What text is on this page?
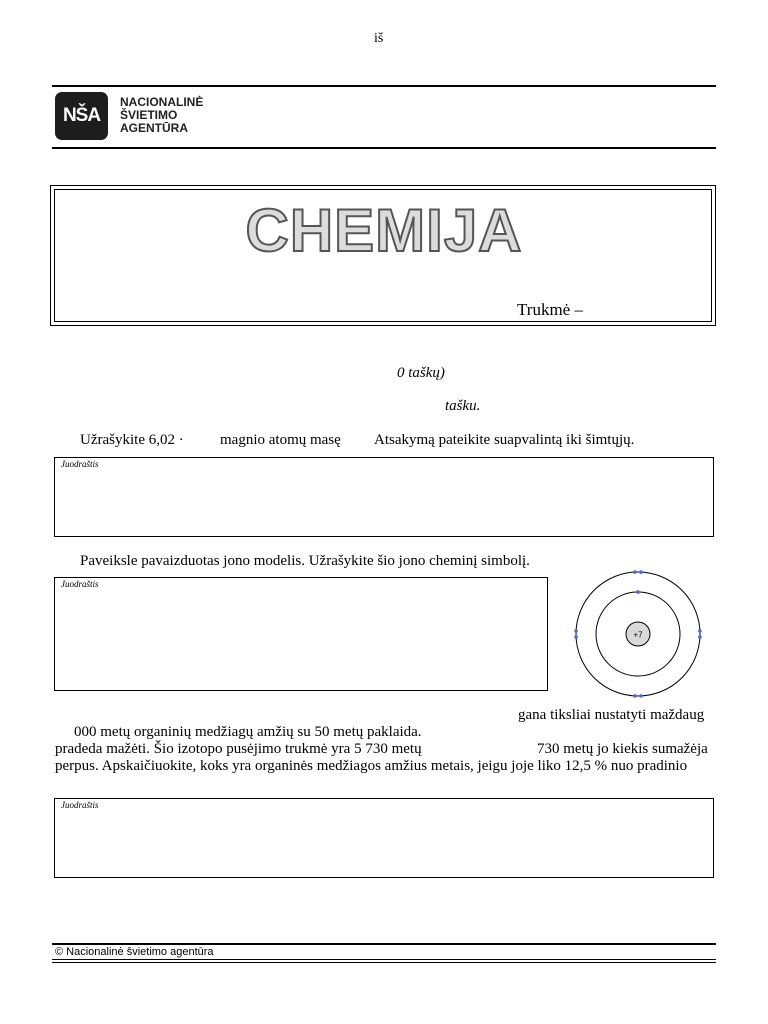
iš
NŠA
NACIONALINĖ
ŠVIETIMO
AGENTŪRA
CHEMIJA
Trukmė –
0 taškų)
tašku.
Užrašykite 6,02 · magnio atomų masę Atsakymą pateikite suapvalintą iki šimtųjų.
Juodraštis
Paveiksle pavaizduotas jono modelis. Užrašykite šio jono cheminį simbolį.
Juodraštis
+7
gana tiksliai nustatyti maždaug
000 metų organinių medžiagų amžių su 50 metų paklaida.
pradeda mažėti. Šio izotopo pusėjimo trukmė yra 5 730 metų	730 metų jo kiekis sumažėja
perpus. Apskaičiuokite, koks yra organinės medžiagos amžius metais, jeigu joje liko 12,5 % nuo pradinio
Juodraštis
© Nacionalinė švietimo agentūra
